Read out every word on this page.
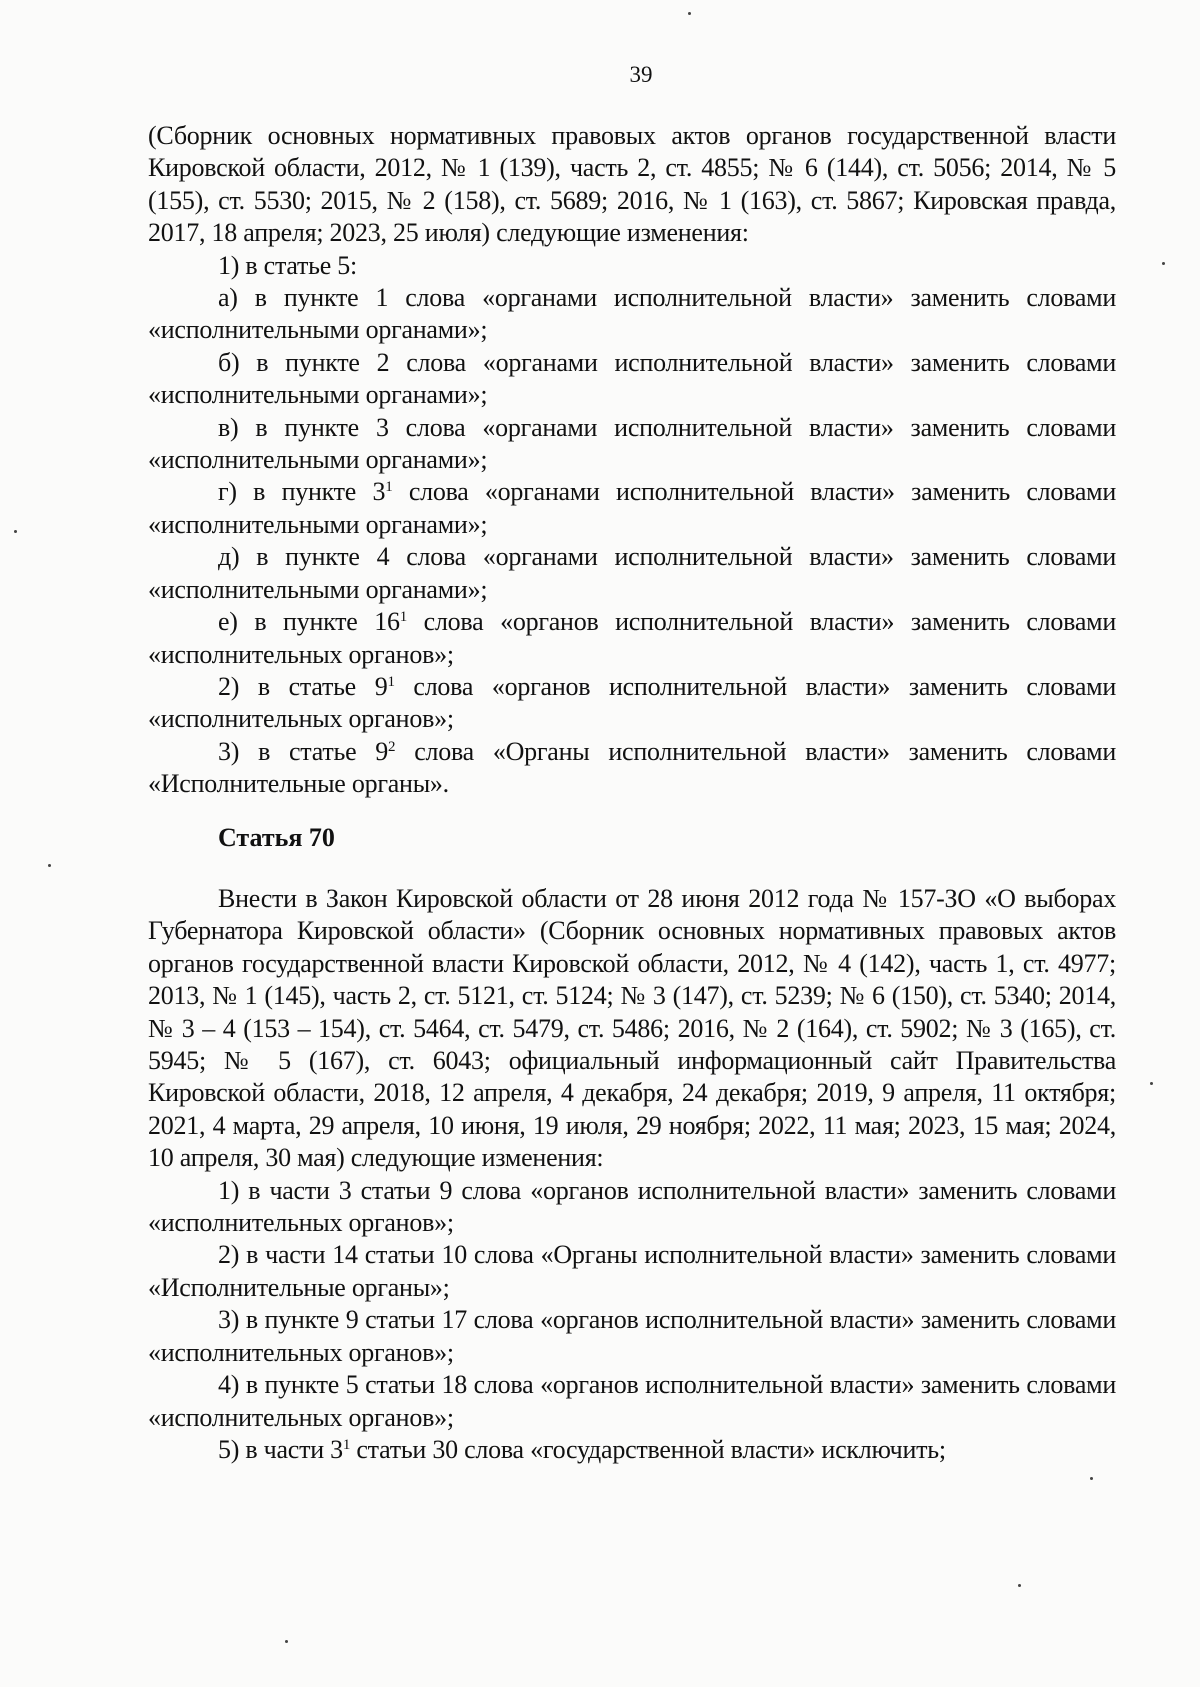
39

(Сборник основных нормативных правовых актов органов государственной власти Кировской области, 2012, № 1 (139), часть 2, ст. 4855; № 6 (144), ст. 5056; 2014, № 5 (155), ст. 5530; 2015, № 2 (158), ст. 5689; 2016, № 1 (163), ст. 5867; Кировская правда, 2017, 18 апреля; 2023, 25 июля) следующие изменения:

1) в статье 5:

а) в пункте 1 слова «органами исполнительной власти» заменить словами «исполнительными органами»;

б) в пункте 2 слова «органами исполнительной власти» заменить словами «исполнительными органами»;

в) в пункте 3 слова «органами исполнительной власти» заменить словами «исполнительными органами»;

г) в пункте $3^1$ слова «органами исполнительной власти» заменить словами «исполнительными органами»;

д) в пункте 4 слова «органами исполнительной власти» заменить словами «исполнительными органами»;

е) в пункте $16^1$ слова «органов исполнительной власти» заменить словами «исполнительных органов»;

2) в статье $9^1$ слова «органов исполнительной власти» заменить словами «исполнительных органов»;

3) в статье $9^2$ слова «Органы исполнительной власти» заменить словами «Исполнительные органы».

Статья 70

Внести в Закон Кировской области от 28 июня 2012 года № 157-ЗО «О выборах Губернатора Кировской области» (Сборник основных нормативных правовых актов органов государственной власти Кировской области, 2012, № 4 (142), часть 1, ст. 4977; 2013, № 1 (145), часть 2, ст. 5121, ст. 5124; № 3 (147), ст. 5239; № 6 (150), ст. 5340; 2014, № 3 – 4 (153 – 154), ст. 5464, ст. 5479, ст. 5486; 2016, № 2 (164), ст. 5902; № 3 (165), ст. 5945; № 5 (167), ст. 6043; официальный информационный сайт Правительства Кировской области, 2018, 12 апреля, 4 декабря, 24 декабря; 2019, 9 апреля, 11 октября; 2021, 4 марта, 29 апреля, 10 июня, 19 июля, 29 ноября; 2022, 11 мая; 2023, 15 мая; 2024, 10 апреля, 30 мая) следующие изменения:

1) в части 3 статьи 9 слова «органов исполнительной власти» заменить словами «исполнительных органов»;

2) в части 14 статьи 10 слова «Органы исполнительной власти» заменить словами «Исполнительные органы»;

3) в пункте 9 статьи 17 слова «органов исполнительной власти» заменить словами «исполнительных органов»;

4) в пункте 5 статьи 18 слова «органов исполнительной власти» заменить словами «исполнительных органов»;

5) в части $3^1$ статьи 30 слова «государственной власти» исключить;
